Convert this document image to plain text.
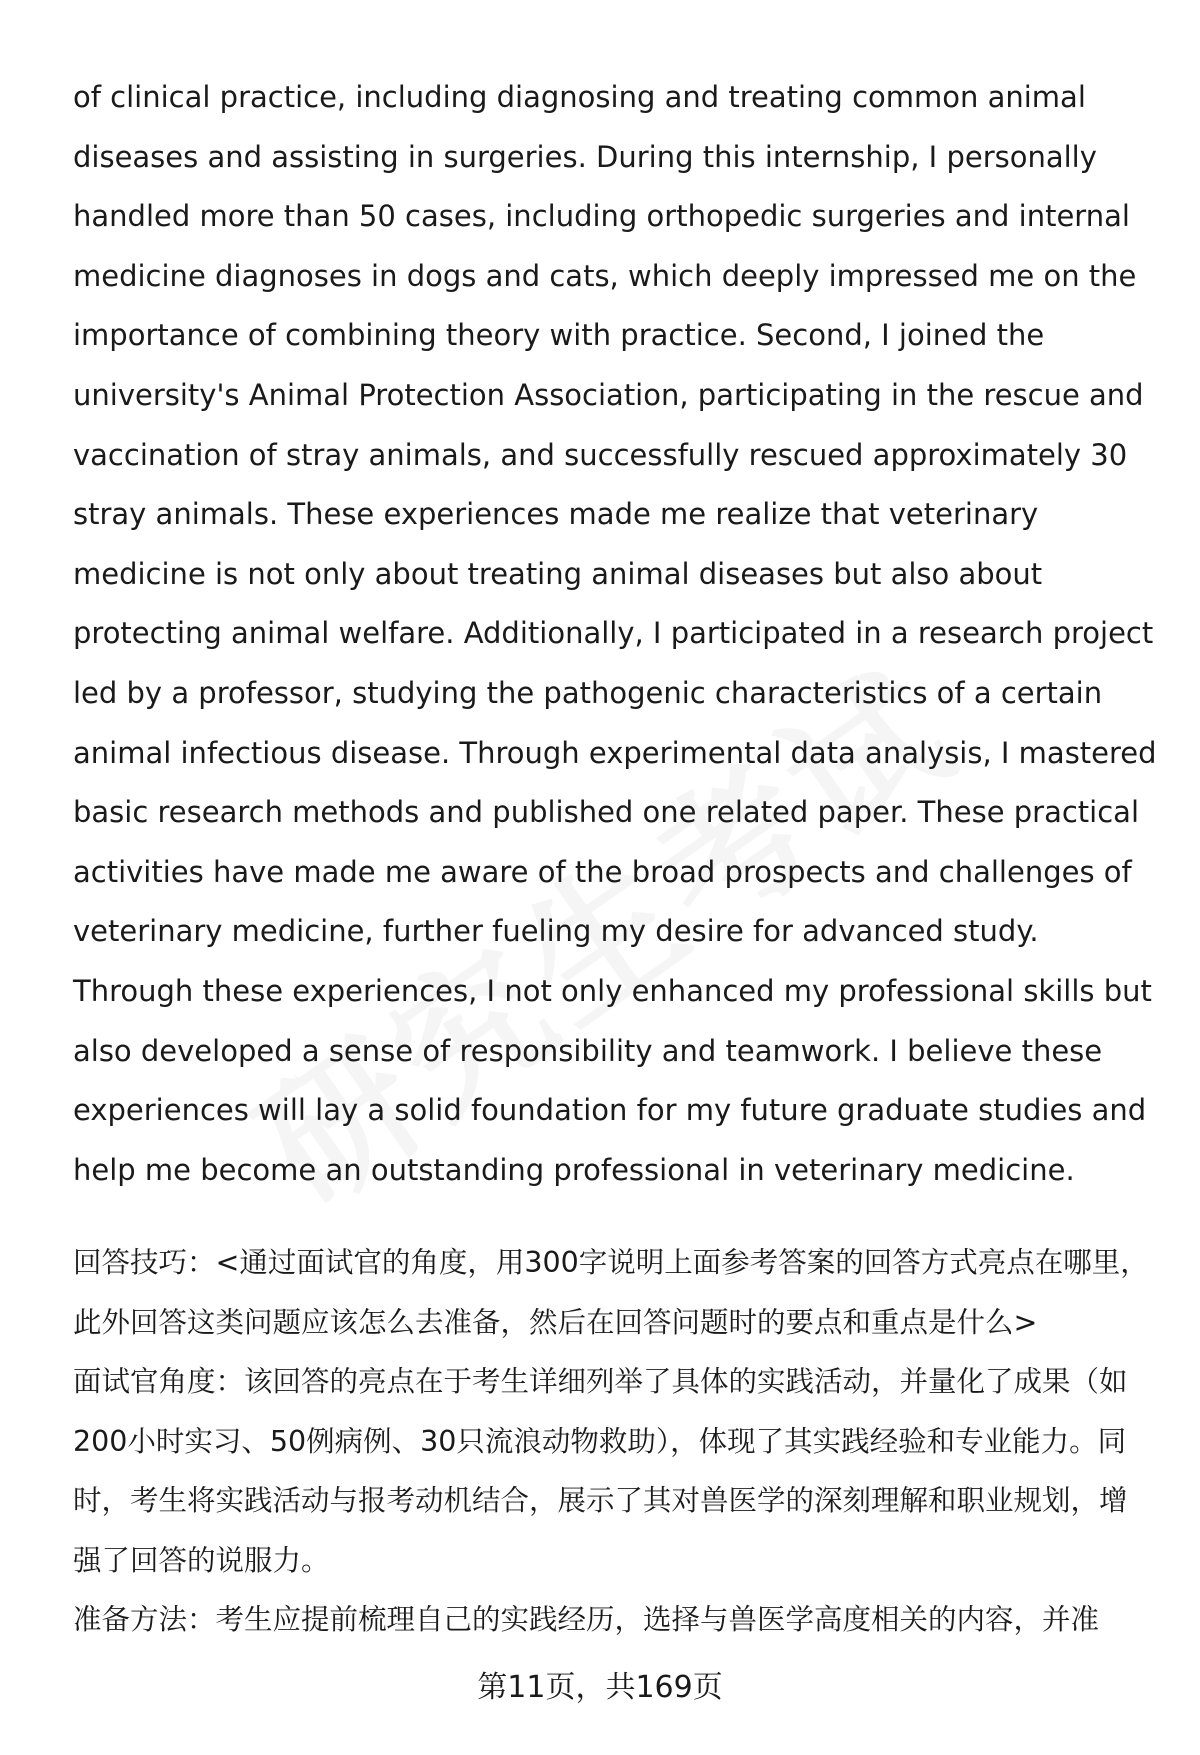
of clinical practice, including diagnosing and treating common animal diseases and assisting in surgeries. During this internship, I personally handled more than 50 cases, including orthopedic surgeries and internal medicine diagnoses in dogs and cats, which deeply impressed me on the importance of combining theory with practice. Second, I joined the university's Animal Protection Association, participating in the rescue and vaccination of stray animals, and successfully rescued approximately 30 stray animals. These experiences made me realize that veterinary medicine is not only about treating animal diseases but also about protecting animal welfare. Additionally, I participated in a research project led by a professor, studying the pathogenic characteristics of a certain animal infectious disease. Through experimental data analysis, I mastered basic research methods and published one related paper. These practical activities have made me aware of the broad prospects and challenges of veterinary medicine, further fueling my desire for advanced study. Through these experiences, I not only enhanced my professional skills but also developed a sense of responsibility and teamwork. I believe these experiences will lay a solid foundation for my future graduate studies and help me become an outstanding professional in veterinary medicine.

回答技巧：<通过面试官的角度，用300字说明上面参考答案的回答方式亮点在哪里，此外回答这类问题应该怎么去准备，然后在回答问题时的要点和重点是什么>

面试官角度：该回答的亮点在于考生详细列举了具体的实践活动，并量化了成果（如200小时实习、50例病例、30只流浪动物救助），体现了其实践经验和专业能力。同时，考生将实践活动与报考动机结合，展示了其对兽医学的深刻理解和职业规划，增强了回答的说服力。

准备方法：考生应提前梳理自己的实践经历，选择与兽医学高度相关的内容，并准

第11页，共169页
